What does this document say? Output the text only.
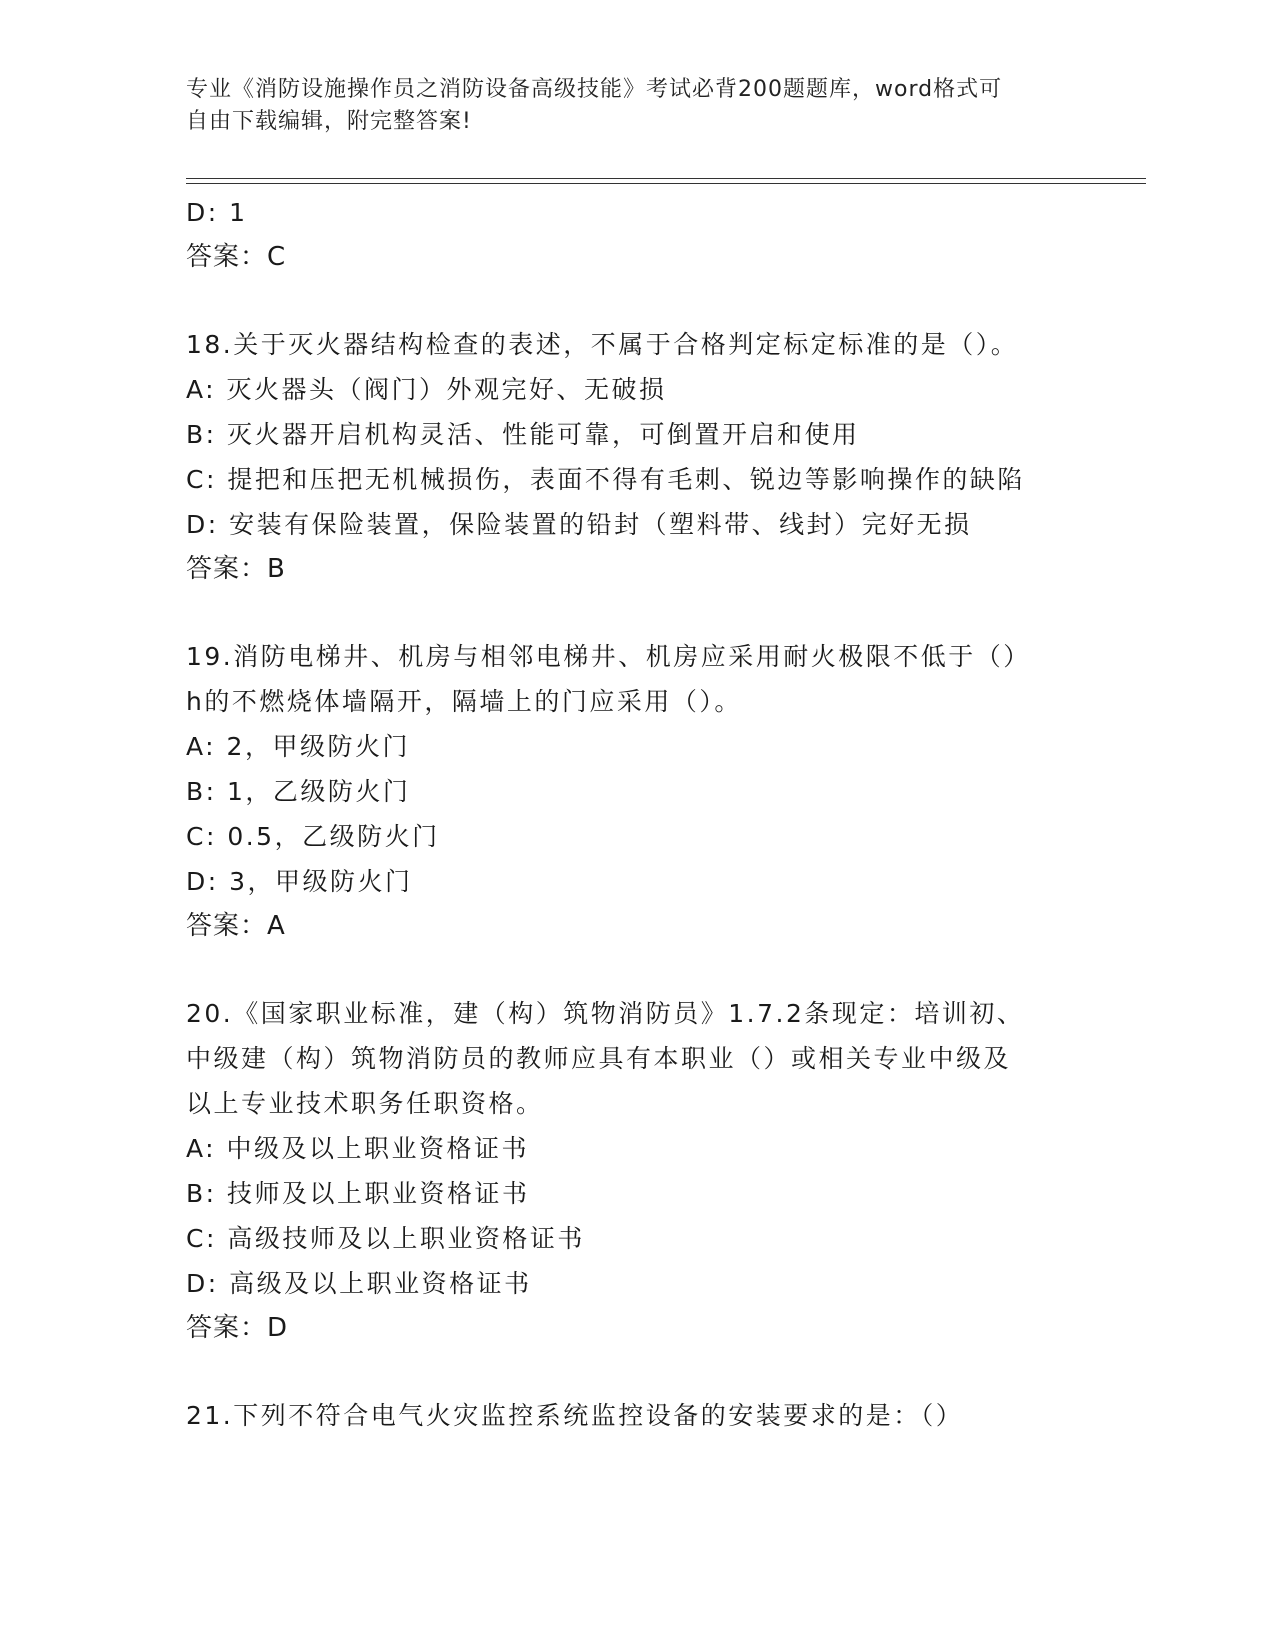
专业《消防设施操作员之消防设备高级技能》考试必背200题题库，word格式可
自由下载编辑，附完整答案!
D: 1
答案：C
18.关于灭火器结构检查的表述，不属于合格判定标定标准的是（）。
A: 灭火器头（阀门）外观完好、无破损
B: 灭火器开启机构灵活、性能可靠，可倒置开启和使用
C: 提把和压把无机械损伤，表面不得有毛刺、锐边等影响操作的缺陷
D: 安装有保险装置，保险装置的铅封（塑料带、线封）完好无损
答案：B
19.消防电梯井、机房与相邻电梯井、机房应采用耐火极限不低于（）
h的不燃烧体墙隔开，隔墙上的门应采用（）。
A: 2，甲级防火门
B: 1，乙级防火门
C: 0.5，乙级防火门
D: 3，甲级防火门
答案：A
20.《国家职业标准，建（构）筑物消防员》1.7.2条现定：培训初、
中级建（构）筑物消防员的教师应具有本职业（）或相关专业中级及
以上专业技术职务任职资格。
A: 中级及以上职业资格证书
B: 技师及以上职业资格证书
C: 高级技师及以上职业资格证书
D: 高级及以上职业资格证书
答案：D
21.下列不符合电气火灾监控系统监控设备的安装要求的是：（）
